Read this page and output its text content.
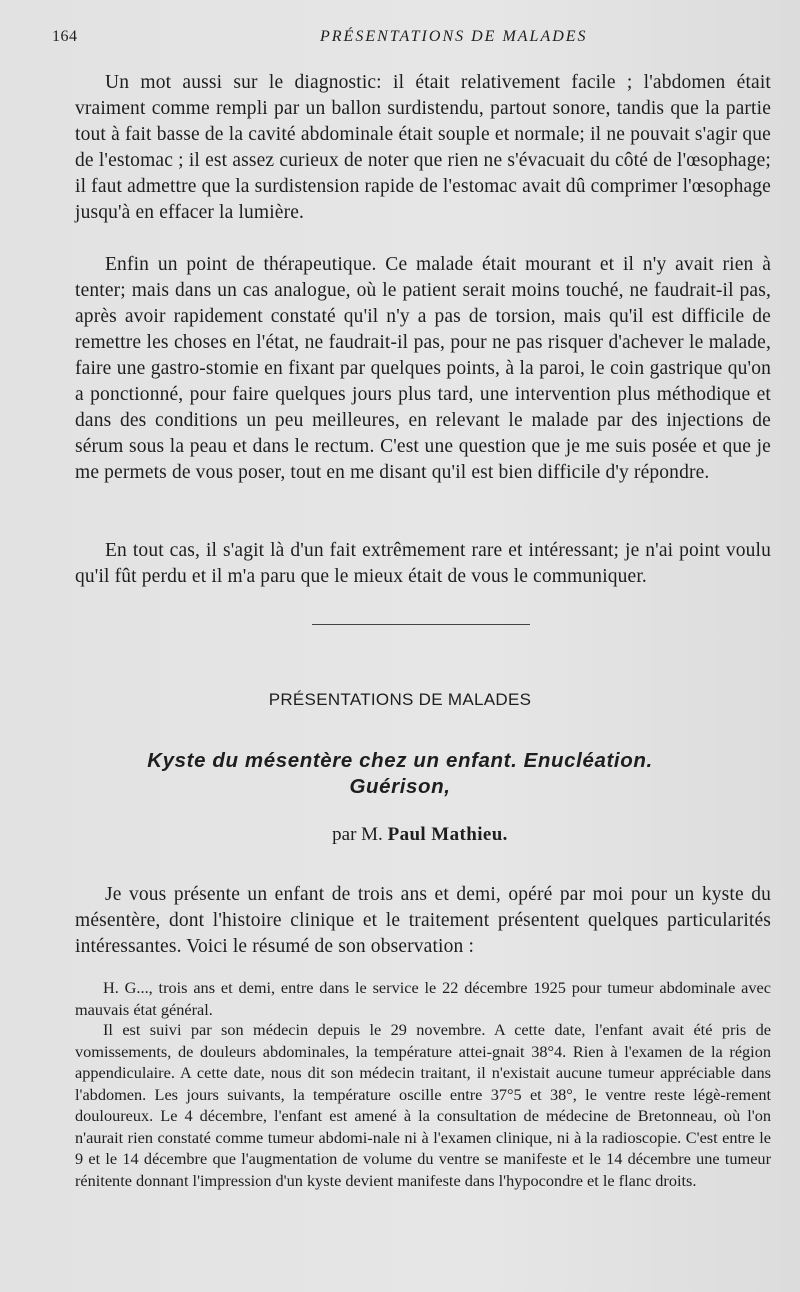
164	PRÉSENTATIONS DE MALADES
Un mot aussi sur le diagnostic: il était relativement facile ; l'abdomen était vraiment comme rempli par un ballon surdistendu, partout sonore, tandis que la partie tout à fait basse de la cavité abdominale était souple et normale; il ne pouvait s'agir que de l'estomac ; il est assez curieux de noter que rien ne s'évacuait du côté de l'œsophage; il faut admettre que la surdistension rapide de l'estomac avait dû comprimer l'œsophage jusqu'à en effacer la lumière.
Enfin un point de thérapeutique. Ce malade était mourant et il n'y avait rien à tenter; mais dans un cas analogue, où le patient serait moins touché, ne faudrait-il pas, après avoir rapidement constaté qu'il n'y a pas de torsion, mais qu'il est difficile de remettre les choses en l'état, ne faudrait-il pas, pour ne pas risquer d'achever le malade, faire une gastro-stomie en fixant par quelques points, à la paroi, le coin gastrique qu'on a ponctionné, pour faire quelques jours plus tard, une intervention plus méthodique et dans des conditions un peu meilleures, en relevant le malade par des injections de sérum sous la peau et dans le rectum. C'est une question que je me suis posée et que je me permets de vous poser, tout en me disant qu'il est bien difficile d'y répondre.
En tout cas, il s'agit là d'un fait extrêmement rare et intéressant; je n'ai point voulu qu'il fût perdu et il m'a paru que le mieux était de vous le communiquer.
PRÉSENTATIONS DE MALADES
Kyste du mésentère chez un enfant. Enucléation.
Guérison,
par M. Paul Mathieu.
Je vous présente un enfant de trois ans et demi, opéré par moi pour un kyste du mésentère, dont l'histoire clinique et le traitement présentent quelques particularités intéressantes. Voici le résumé de son observation :
H. G..., trois ans et demi, entre dans le service le 22 décembre 1925 pour tumeur abdominale avec mauvais état général.
Il est suivi par son médecin depuis le 29 novembre. A cette date, l'enfant avait été pris de vomissements, de douleurs abdominales, la température attei-gnait 38°4. Rien à l'examen de la région appendiculaire. A cette date, nous dit son médecin traitant, il n'existait aucune tumeur appréciable dans l'abdomen. Les jours suivants, la température oscille entre 37°5 et 38°, le ventre reste légè-rement douloureux. Le 4 décembre, l'enfant est amené à la consultation de médecine de Bretonneau, où l'on n'aurait rien constaté comme tumeur abdomi-nale ni à l'examen clinique, ni à la radioscopie. C'est entre le 9 et le 14 décembre que l'augmentation de volume du ventre se manifeste et le 14 décembre une tumeur rénitente donnant l'impression d'un kyste devient manifeste dans l'hypocondre et le flanc droits.
